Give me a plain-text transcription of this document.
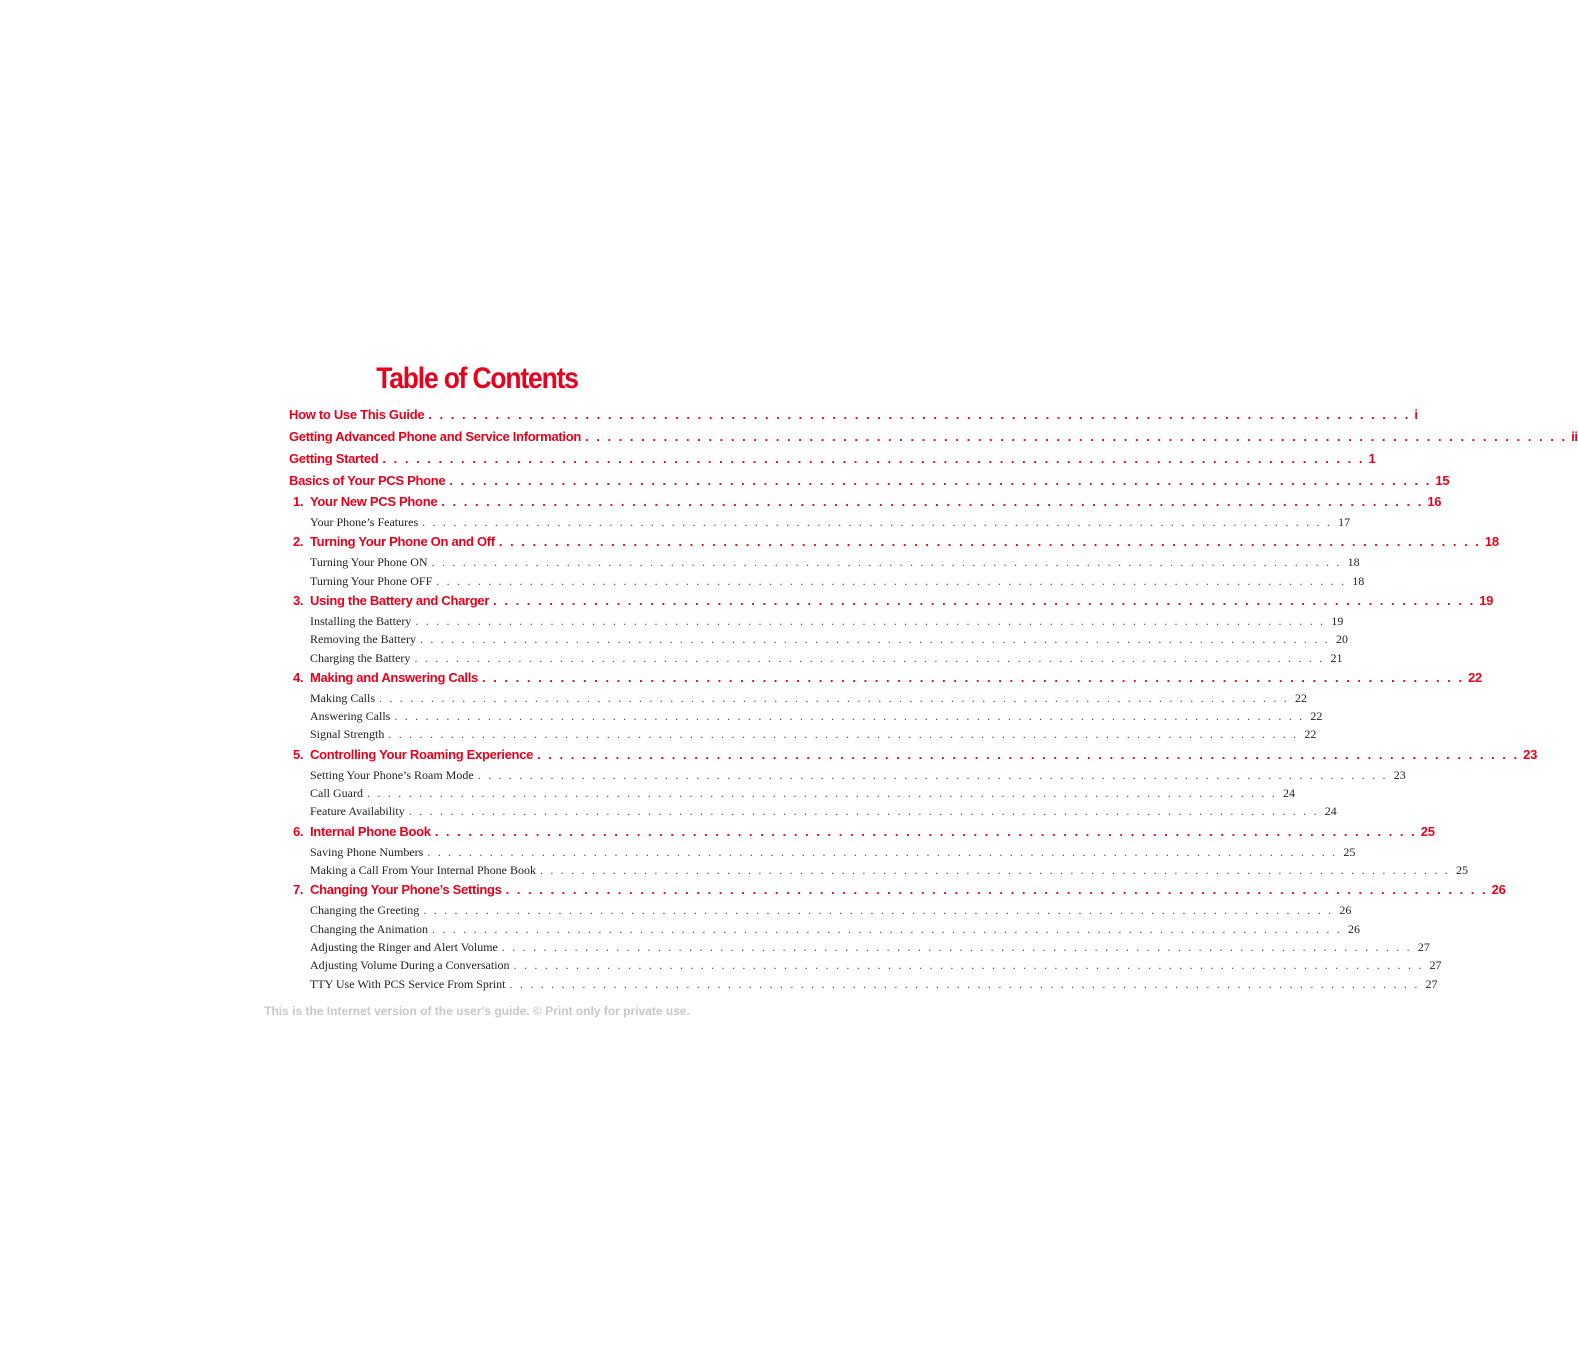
Table of Contents
How to Use This Guide . . . . . . . . . . . . . . . . . . . . . . . . . . . . . . . . . . . . . . . . . . . . . . . . . . . . . . . . . . . . . . . . . . . . . . . . . . . . . . . . . . . . . . . . i
Getting Advanced Phone and Service Information . . . . . . . . . . . . . . . . . . . . . . . . . . . . . . . . . . . . . . . . . . . . . . . . . . . . . . . . . . . . . . . . . . . . . . . . . . . . . . . . . . . . . . . . ii
Getting Started . . . . . . . . . . . . . . . . . . . . . . . . . . . . . . . . . . . . . . . . . . . . . . . . . . . . . . . . . . . . . . . . . . . . . . . . . . . . . . . . . . . . . . . . 1
Basics of Your PCS Phone . . . . . . . . . . . . . . . . . . . . . . . . . . . . . . . . . . . . . . . . . . . . . . . . . . . . . . . . . . . . . . . . . . . . . . . . . . . . . . . . . . . . . . . . 15
1. Your New PCS Phone . . . . . . . . . . . . . . . . . . . . . . . . . . . . . . . . . . . . . . . . . . . . . . . . . . . . . . . . . . . . . . . . . . . . . . . . . . . . . . . . . . . . . . . . 16
Your Phone’s Features . . . . . . . . . . . . . . . . . . . . . . . . . . . . . . . . . . . . . . . . . . . . . . . . . . . . . . . . . . . . . . . . . . . . . . . . . . . . . . . . . . . . . . . . 17
2. Turning Your Phone On and Off . . . . . . . . . . . . . . . . . . . . . . . . . . . . . . . . . . . . . . . . . . . . . . . . . . . . . . . . . . . . . . . . . . . . . . . . . . . . . . . . . . . . . . . . 18
Turning Your Phone ON . . . . . . . . . . . . . . . . . . . . . . . . . . . . . . . . . . . . . . . . . . . . . . . . . . . . . . . . . . . . . . . . . . . . . . . . . . . . . . . . . . . . . . . . 18
Turning Your Phone OFF . . . . . . . . . . . . . . . . . . . . . . . . . . . . . . . . . . . . . . . . . . . . . . . . . . . . . . . . . . . . . . . . . . . . . . . . . . . . . . . . . . . . . . . . 18
3. Using the Battery and Charger . . . . . . . . . . . . . . . . . . . . . . . . . . . . . . . . . . . . . . . . . . . . . . . . . . . . . . . . . . . . . . . . . . . . . . . . . . . . . . . . . . . . . . . . 19
Installing the Battery . . . . . . . . . . . . . . . . . . . . . . . . . . . . . . . . . . . . . . . . . . . . . . . . . . . . . . . . . . . . . . . . . . . . . . . . . . . . . . . . . . . . . . . . 19
Removing the Battery . . . . . . . . . . . . . . . . . . . . . . . . . . . . . . . . . . . . . . . . . . . . . . . . . . . . . . . . . . . . . . . . . . . . . . . . . . . . . . . . . . . . . . . . 20
Charging the Battery . . . . . . . . . . . . . . . . . . . . . . . . . . . . . . . . . . . . . . . . . . . . . . . . . . . . . . . . . . . . . . . . . . . . . . . . . . . . . . . . . . . . . . . . 21
4. Making and Answering Calls . . . . . . . . . . . . . . . . . . . . . . . . . . . . . . . . . . . . . . . . . . . . . . . . . . . . . . . . . . . . . . . . . . . . . . . . . . . . . . . . . . . . . . . . 22
Making Calls . . . . . . . . . . . . . . . . . . . . . . . . . . . . . . . . . . . . . . . . . . . . . . . . . . . . . . . . . . . . . . . . . . . . . . . . . . . . . . . . . . . . . . . . 22
Answering Calls . . . . . . . . . . . . . . . . . . . . . . . . . . . . . . . . . . . . . . . . . . . . . . . . . . . . . . . . . . . . . . . . . . . . . . . . . . . . . . . . . . . . . . . . 22
Signal Strength . . . . . . . . . . . . . . . . . . . . . . . . . . . . . . . . . . . . . . . . . . . . . . . . . . . . . . . . . . . . . . . . . . . . . . . . . . . . . . . . . . . . . . . . 22
5. Controlling Your Roaming Experience . . . . . . . . . . . . . . . . . . . . . . . . . . . . . . . . . . . . . . . . . . . . . . . . . . . . . . . . . . . . . . . . . . . . . . . . . . . . . . . . . . . . . . . . 23
Setting Your Phone’s Roam Mode . . . . . . . . . . . . . . . . . . . . . . . . . . . . . . . . . . . . . . . . . . . . . . . . . . . . . . . . . . . . . . . . . . . . . . . . . . . . . . . . . . . . . . . . 23
Call Guard . . . . . . . . . . . . . . . . . . . . . . . . . . . . . . . . . . . . . . . . . . . . . . . . . . . . . . . . . . . . . . . . . . . . . . . . . . . . . . . . . . . . . . . . 24
Feature Availability . . . . . . . . . . . . . . . . . . . . . . . . . . . . . . . . . . . . . . . . . . . . . . . . . . . . . . . . . . . . . . . . . . . . . . . . . . . . . . . . . . . . . . . . 24
6. Internal Phone Book . . . . . . . . . . . . . . . . . . . . . . . . . . . . . . . . . . . . . . . . . . . . . . . . . . . . . . . . . . . . . . . . . . . . . . . . . . . . . . . . . . . . . . . . 25
Saving Phone Numbers . . . . . . . . . . . . . . . . . . . . . . . . . . . . . . . . . . . . . . . . . . . . . . . . . . . . . . . . . . . . . . . . . . . . . . . . . . . . . . . . . . . . . . . . 25
Making a Call From Your Internal Phone Book . . . . . . . . . . . . . . . . . . . . . . . . . . . . . . . . . . . . . . . . . . . . . . . . . . . . . . . . . . . . . . . . . . . . . . . . . . . . . . . . . . . . . . . . 25
7. Changing Your Phone’s Settings . . . . . . . . . . . . . . . . . . . . . . . . . . . . . . . . . . . . . . . . . . . . . . . . . . . . . . . . . . . . . . . . . . . . . . . . . . . . . . . . . . . . . . . . 26
Changing the Greeting . . . . . . . . . . . . . . . . . . . . . . . . . . . . . . . . . . . . . . . . . . . . . . . . . . . . . . . . . . . . . . . . . . . . . . . . . . . . . . . . . . . . . . . . 26
Changing the Animation . . . . . . . . . . . . . . . . . . . . . . . . . . . . . . . . . . . . . . . . . . . . . . . . . . . . . . . . . . . . . . . . . . . . . . . . . . . . . . . . . . . . . . . . 26
Adjusting the Ringer and Alert Volume . . . . . . . . . . . . . . . . . . . . . . . . . . . . . . . . . . . . . . . . . . . . . . . . . . . . . . . . . . . . . . . . . . . . . . . . . . . . . . . . . . . . . . . . 27
Adjusting Volume During a Conversation . . . . . . . . . . . . . . . . . . . . . . . . . . . . . . . . . . . . . . . . . . . . . . . . . . . . . . . . . . . . . . . . . . . . . . . . . . . . . . . . . . . . . . . . 27
TTY Use With PCS Service From Sprint . . . . . . . . . . . . . . . . . . . . . . . . . . . . . . . . . . . . . . . . . . . . . . . . . . . . . . . . . . . . . . . . . . . . . . . . . . . . . . . . . . . . . . . . 27
This is the Internet version of the user's guide. © Print only for private use.
